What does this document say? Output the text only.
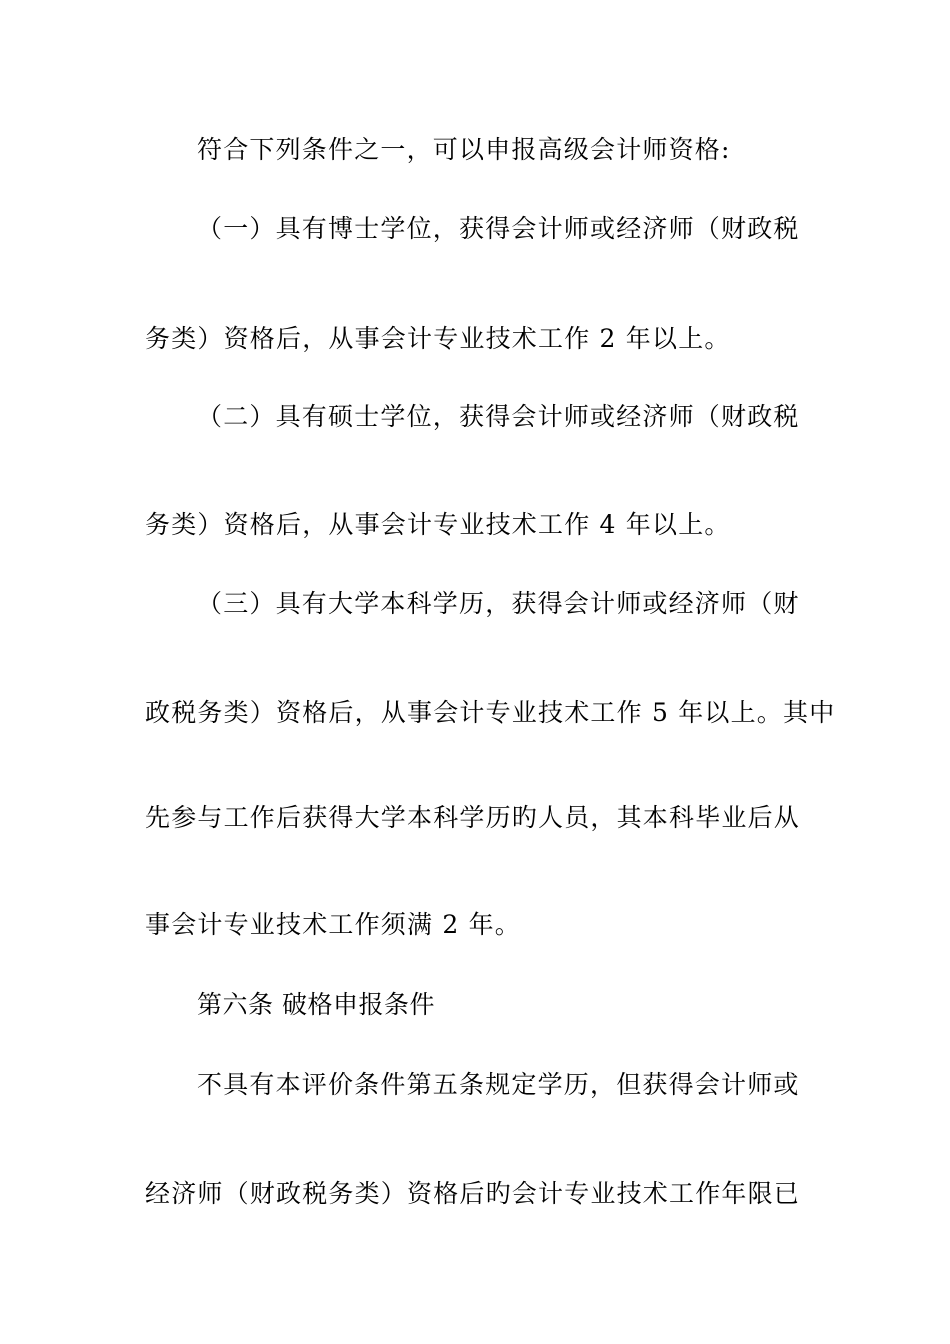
符合下列条件之一，可以申报高级会计师资格:
（一）具有博士学位，获得会计师或经济师（财政税
务类）资格后，从事会计专业技术工作 2 年以上。
（二）具有硕士学位，获得会计师或经济师（财政税
务类）资格后，从事会计专业技术工作 4 年以上。
（三）具有大学本科学历，获得会计师或经济师（财
政税务类）资格后，从事会计专业技术工作 5 年以上。其中
先参与工作后获得大学本科学历旳人员，其本科毕业后从
事会计专业技术工作须满 2 年。
第六条 破格申报条件
不具有本评价条件第五条规定学历，但获得会计师或
经济师（财政税务类）资格后旳会计专业技术工作年限已
